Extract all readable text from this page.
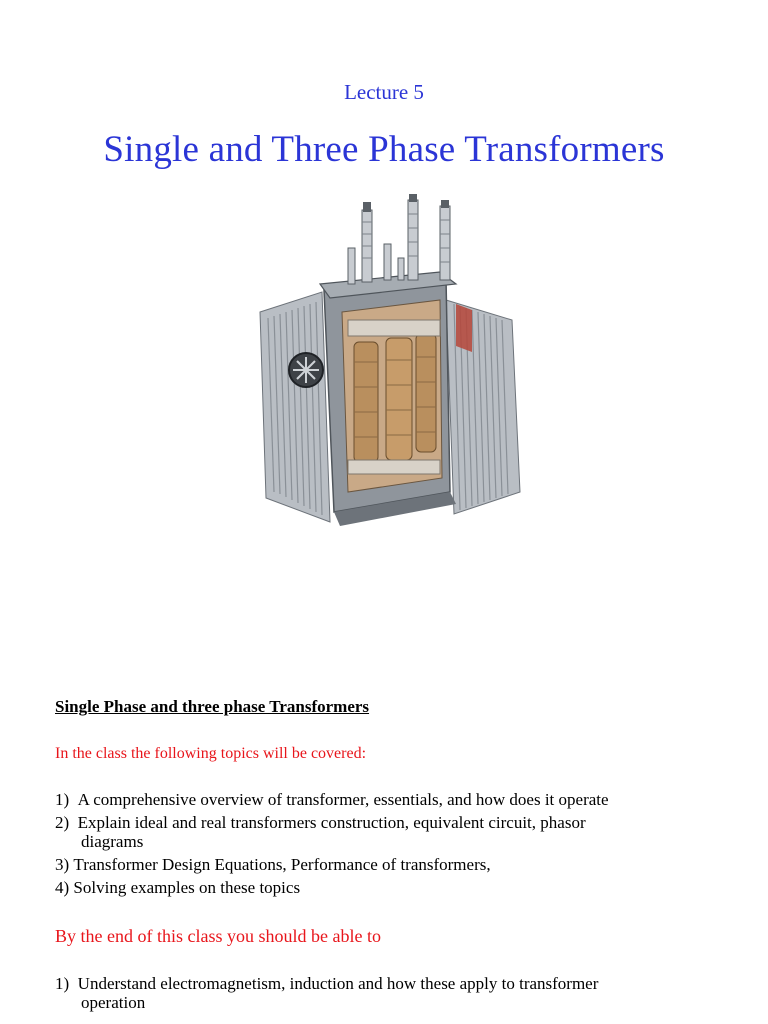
Lecture 5
Single and Three Phase Transformers
Single Phase and three phase Transformers
In the class the following topics will be covered:
1) A comprehensive overview of transformer, essentials, and how does it operate
2) Explain ideal and real transformers construction, equivalent circuit, phasor
diagrams
3) Transformer Design Equations, Performance of transformers,
4) Solving examples on these topics
By the end of this class you should be able to
1) Understand electromagnetism, induction and how these apply to transformer
operation
